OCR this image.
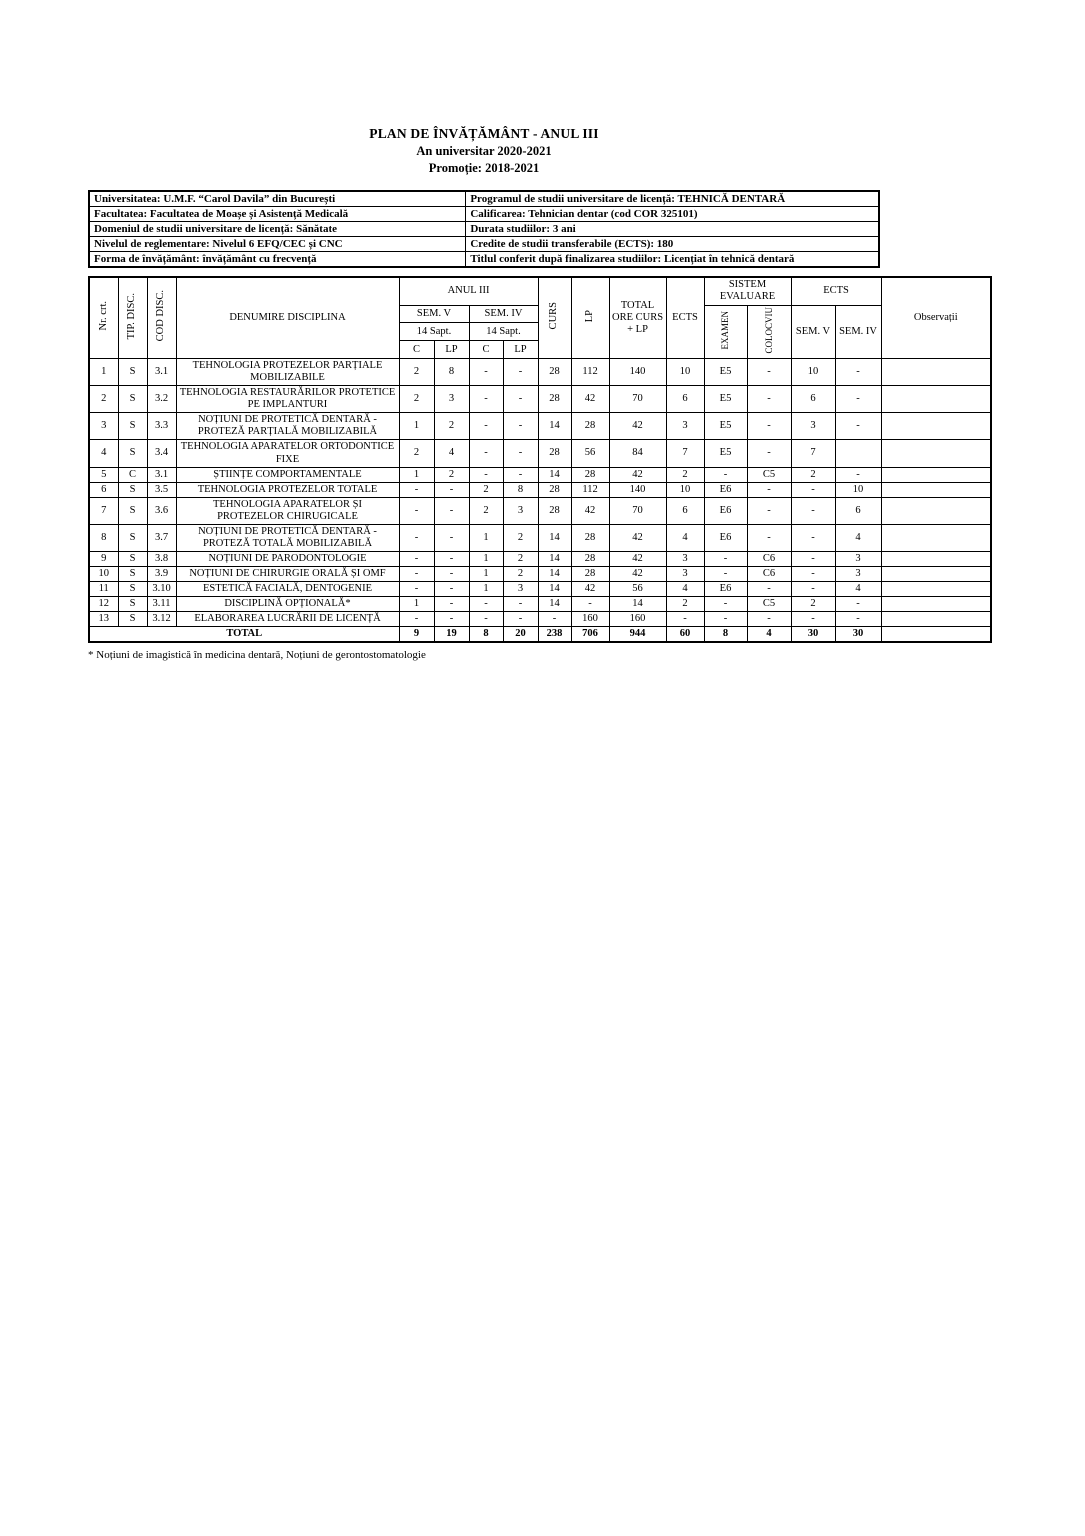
PLAN DE ÎNVĂȚĂMÂNT - ANUL III
An universitar 2020-2021
Promoție: 2018-2021
Universitatea: U.M.F. “Carol Davila” din București	Programul de studii universitare de licență: TEHNICĂ DENTARĂ
Facultatea: Facultatea de Moașe și Asistență Medicală	Calificarea: Tehnician dentar (cod COR 325101)
Domeniul de studii universitare de licență: Sănătate	Durata studiilor: 3 ani
Nivelul de reglementare: Nivelul 6 EFQ/CEC și CNC	Credite de studii transferabile (ECTS): 180
Forma de învățământ: învățământ cu frecvență	Titlul conferit după finalizarea studiilor: Licențiat în tehnică dentară
Nr. crt.	TIP. DISC.	COD DISC.	DENUMIRE DISCIPLINA	ANUL III				CURS	LP	TOTAL ORE CURS + LP	ECTS	SISTEM EVALUARE		ECTS		Observații
				SEM. V		SEM. IV						EXAMEN	COLOCVIU	SEM. V	SEM. IV	
				14 Sapt.		14 Sapt.										
				C	LP	C	LP									
1	S	3.1	TEHNOLOGIA PROTEZELOR PARȚIALE MOBILIZABILE	2	8	-	-	28	112	140	10	E5	-	10	-	
2	S	3.2	TEHNOLOGIA RESTAURĂRILOR PROTETICE PE IMPLANTURI	2	3	-	-	28	42	70	6	E5	-	6	-	
3	S	3.3	NOȚIUNI DE PROTETICĂ DENTARĂ - PROTEZĂ PARȚIALĂ MOBILIZABILĂ	1	2	-	-	14	28	42	3	E5	-	3	-	
4	S	3.4	TEHNOLOGIA APARATELOR ORTODONTICE FIXE	2	4	-	-	28	56	84	7	E5	-	7		
5	C	3.1	ȘTIINȚE COMPORTAMENTALE	1	2	-	-	14	28	42	2	-	C5	2	-	
6	S	3.5	TEHNOLOGIA PROTEZELOR TOTALE	-	-	2	8	28	112	140	10	E6	-	-	10	
7	S	3.6	TEHNOLOGIA APARATELOR ȘI PROTEZELOR CHIRUGICALE	-	-	2	3	28	42	70	6	E6	-	-	6	
8	S	3.7	NOȚIUNI DE PROTETICĂ DENTARĂ - PROTEZĂ TOTALĂ MOBILIZABILĂ	-	-	1	2	14	28	42	4	E6	-	-	4	
9	S	3.8	NOȚIUNI DE PARODONTOLOGIE	-	-	1	2	14	28	42	3	-	C6	-	3	
10	S	3.9	NOȚIUNI DE CHIRURGIE ORALĂ ȘI OMF	-	-	1	2	14	28	42	3	-	C6	-	3	
11	S	3.10	ESTETICĂ FACIALĂ, DENTOGENIE	-	-	1	3	14	42	56	4	E6	-	-	4	
12	S	3.11	DISCIPLINĂ OPȚIONALĂ*	1	-	-	-	14	-	14	2	-	C5	2	-	
13	S	3.12	ELABORAREA LUCRĂRII DE LICENȚĂ	-	-	-	-	-	160	160	-	-	-	-	-	
TOTAL				9	19	8	20	238	706	944	60	8	4	30	30	
* Noțiuni de imagistică în medicina dentară, Noțiuni de gerontostomatologie
